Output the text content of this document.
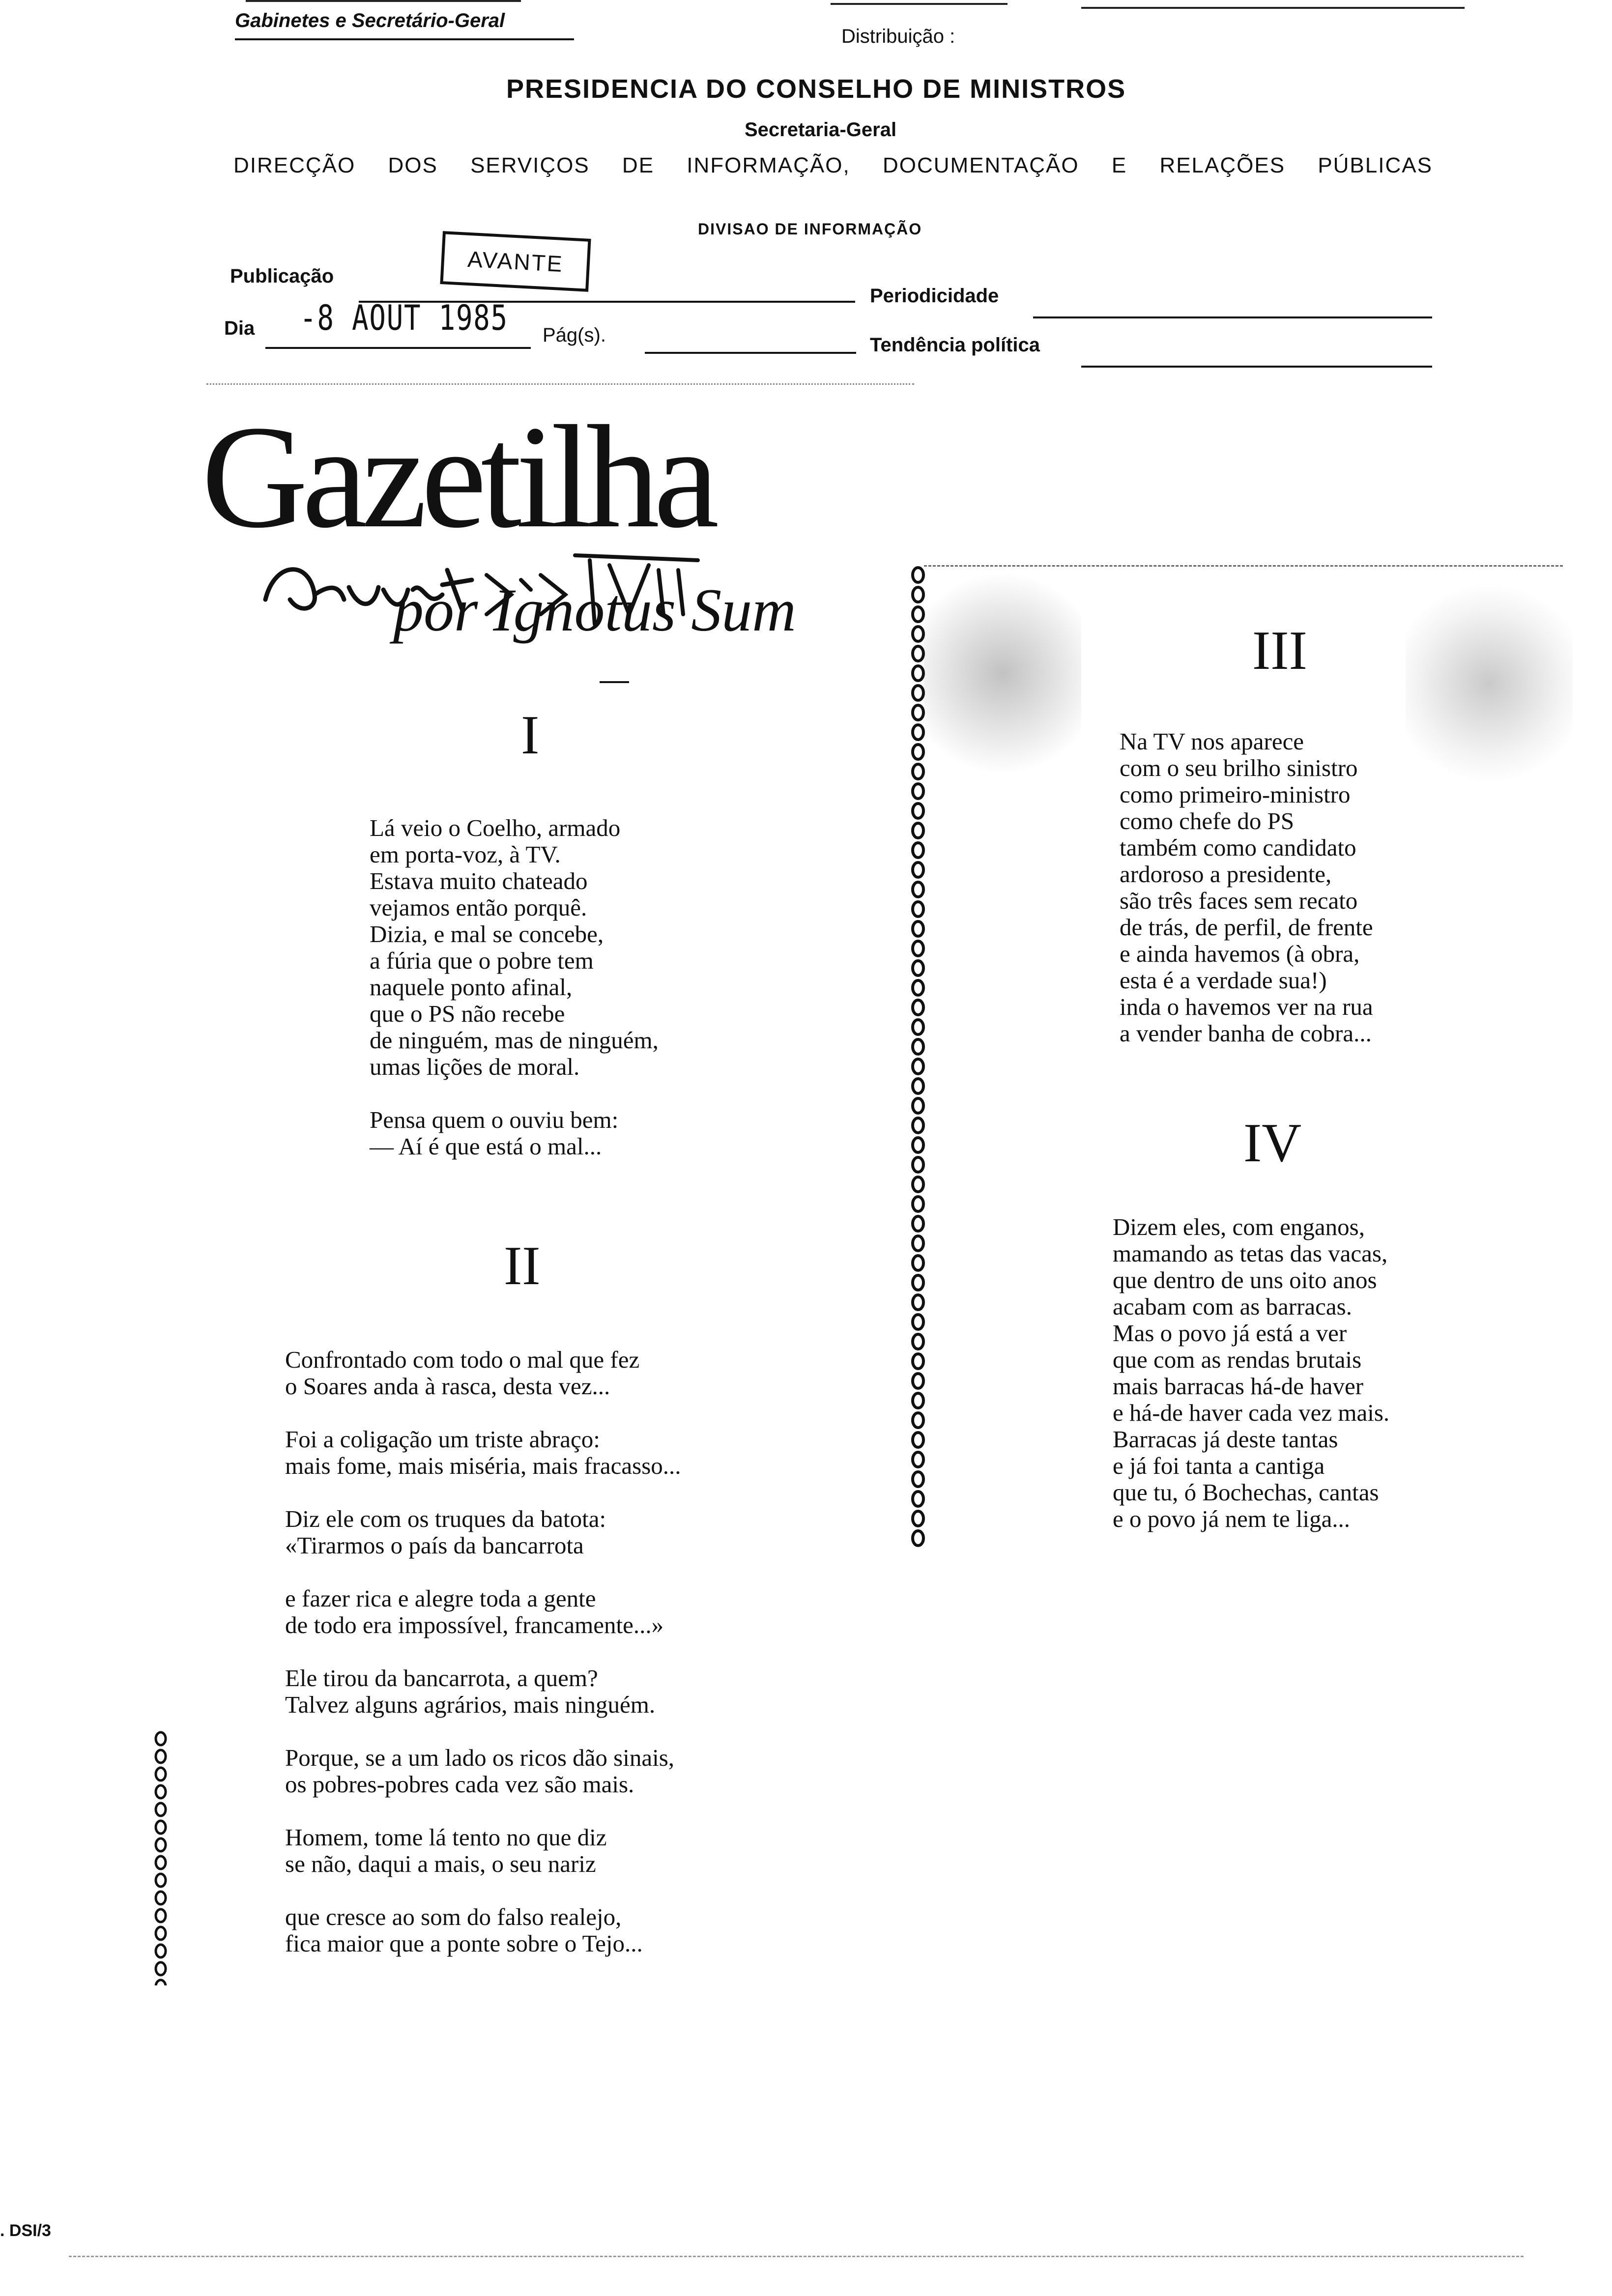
Gabinetes e Secretário-Geral
Distribuição :
PRESIDENCIA DO CONSELHO DE MINISTROS
Secretaria-Geral
DIRECÇÃO DOS SERVIÇOS DE INFORMAÇÃO, DOCUMENTAÇÃO E RELAÇÕES PÚBLICAS
DIVISAO DE INFORMAÇÃO
Publicação	AVANTE
Periodicidade
Dia -8 AOUT 1985 Pág(s).	Tendência política
Gazetilha
por Ignotus Sum
I
Lá veio o Coelho, armado
em porta-voz, à TV.
Estava muito chateado
vejamos então porquê.
Dizia, e mal se concebe,
a fúria que o pobre tem
naquele ponto afinal,
que o PS não recebe
de ninguém, mas de ninguém,
umas lições de moral.

Pensa quem o ouviu bem:
— Aí é que está o mal...
II
Confrontado com todo o mal que fez
o Soares anda à rasca, desta vez...

Foi a coligação um triste abraço:
mais fome, mais miséria, mais fracasso...

Diz ele com os truques da batota:
«Tirarmos o país da bancarrota

e fazer rica e alegre toda a gente
de todo era impossível, francamente...»

Ele tirou da bancarrota, a quem?
Talvez alguns agrários, mais ninguém.

Porque, se a um lado os ricos dão sinais,
os pobres-pobres cada vez são mais.

Homem, tome lá tento no que diz
se não, daqui a mais, o seu nariz

que cresce ao som do falso realejo,
fica maior que a ponte sobre o Tejo...
III
Na TV nos aparece
com o seu brilho sinistro
como primeiro-ministro
como chefe do PS
também como candidato
ardoroso a presidente,
são três faces sem recato
de trás, de perfil, de frente
e ainda havemos (à obra,
esta é a verdade sua!)
inda o havemos ver na rua
a vender banha de cobra...
IV
Dizem eles, com enganos,
mamando as tetas das vacas,
que dentro de uns oito anos
acabam com as barracas.
Mas o povo já está a ver
que com as rendas brutais
mais barracas há-de haver
e há-de haver cada vez mais.
Barracas já deste tantas
e já foi tanta a cantiga
que tu, ó Bochechas, cantas
e o povo já nem te liga...
. DSI/3
